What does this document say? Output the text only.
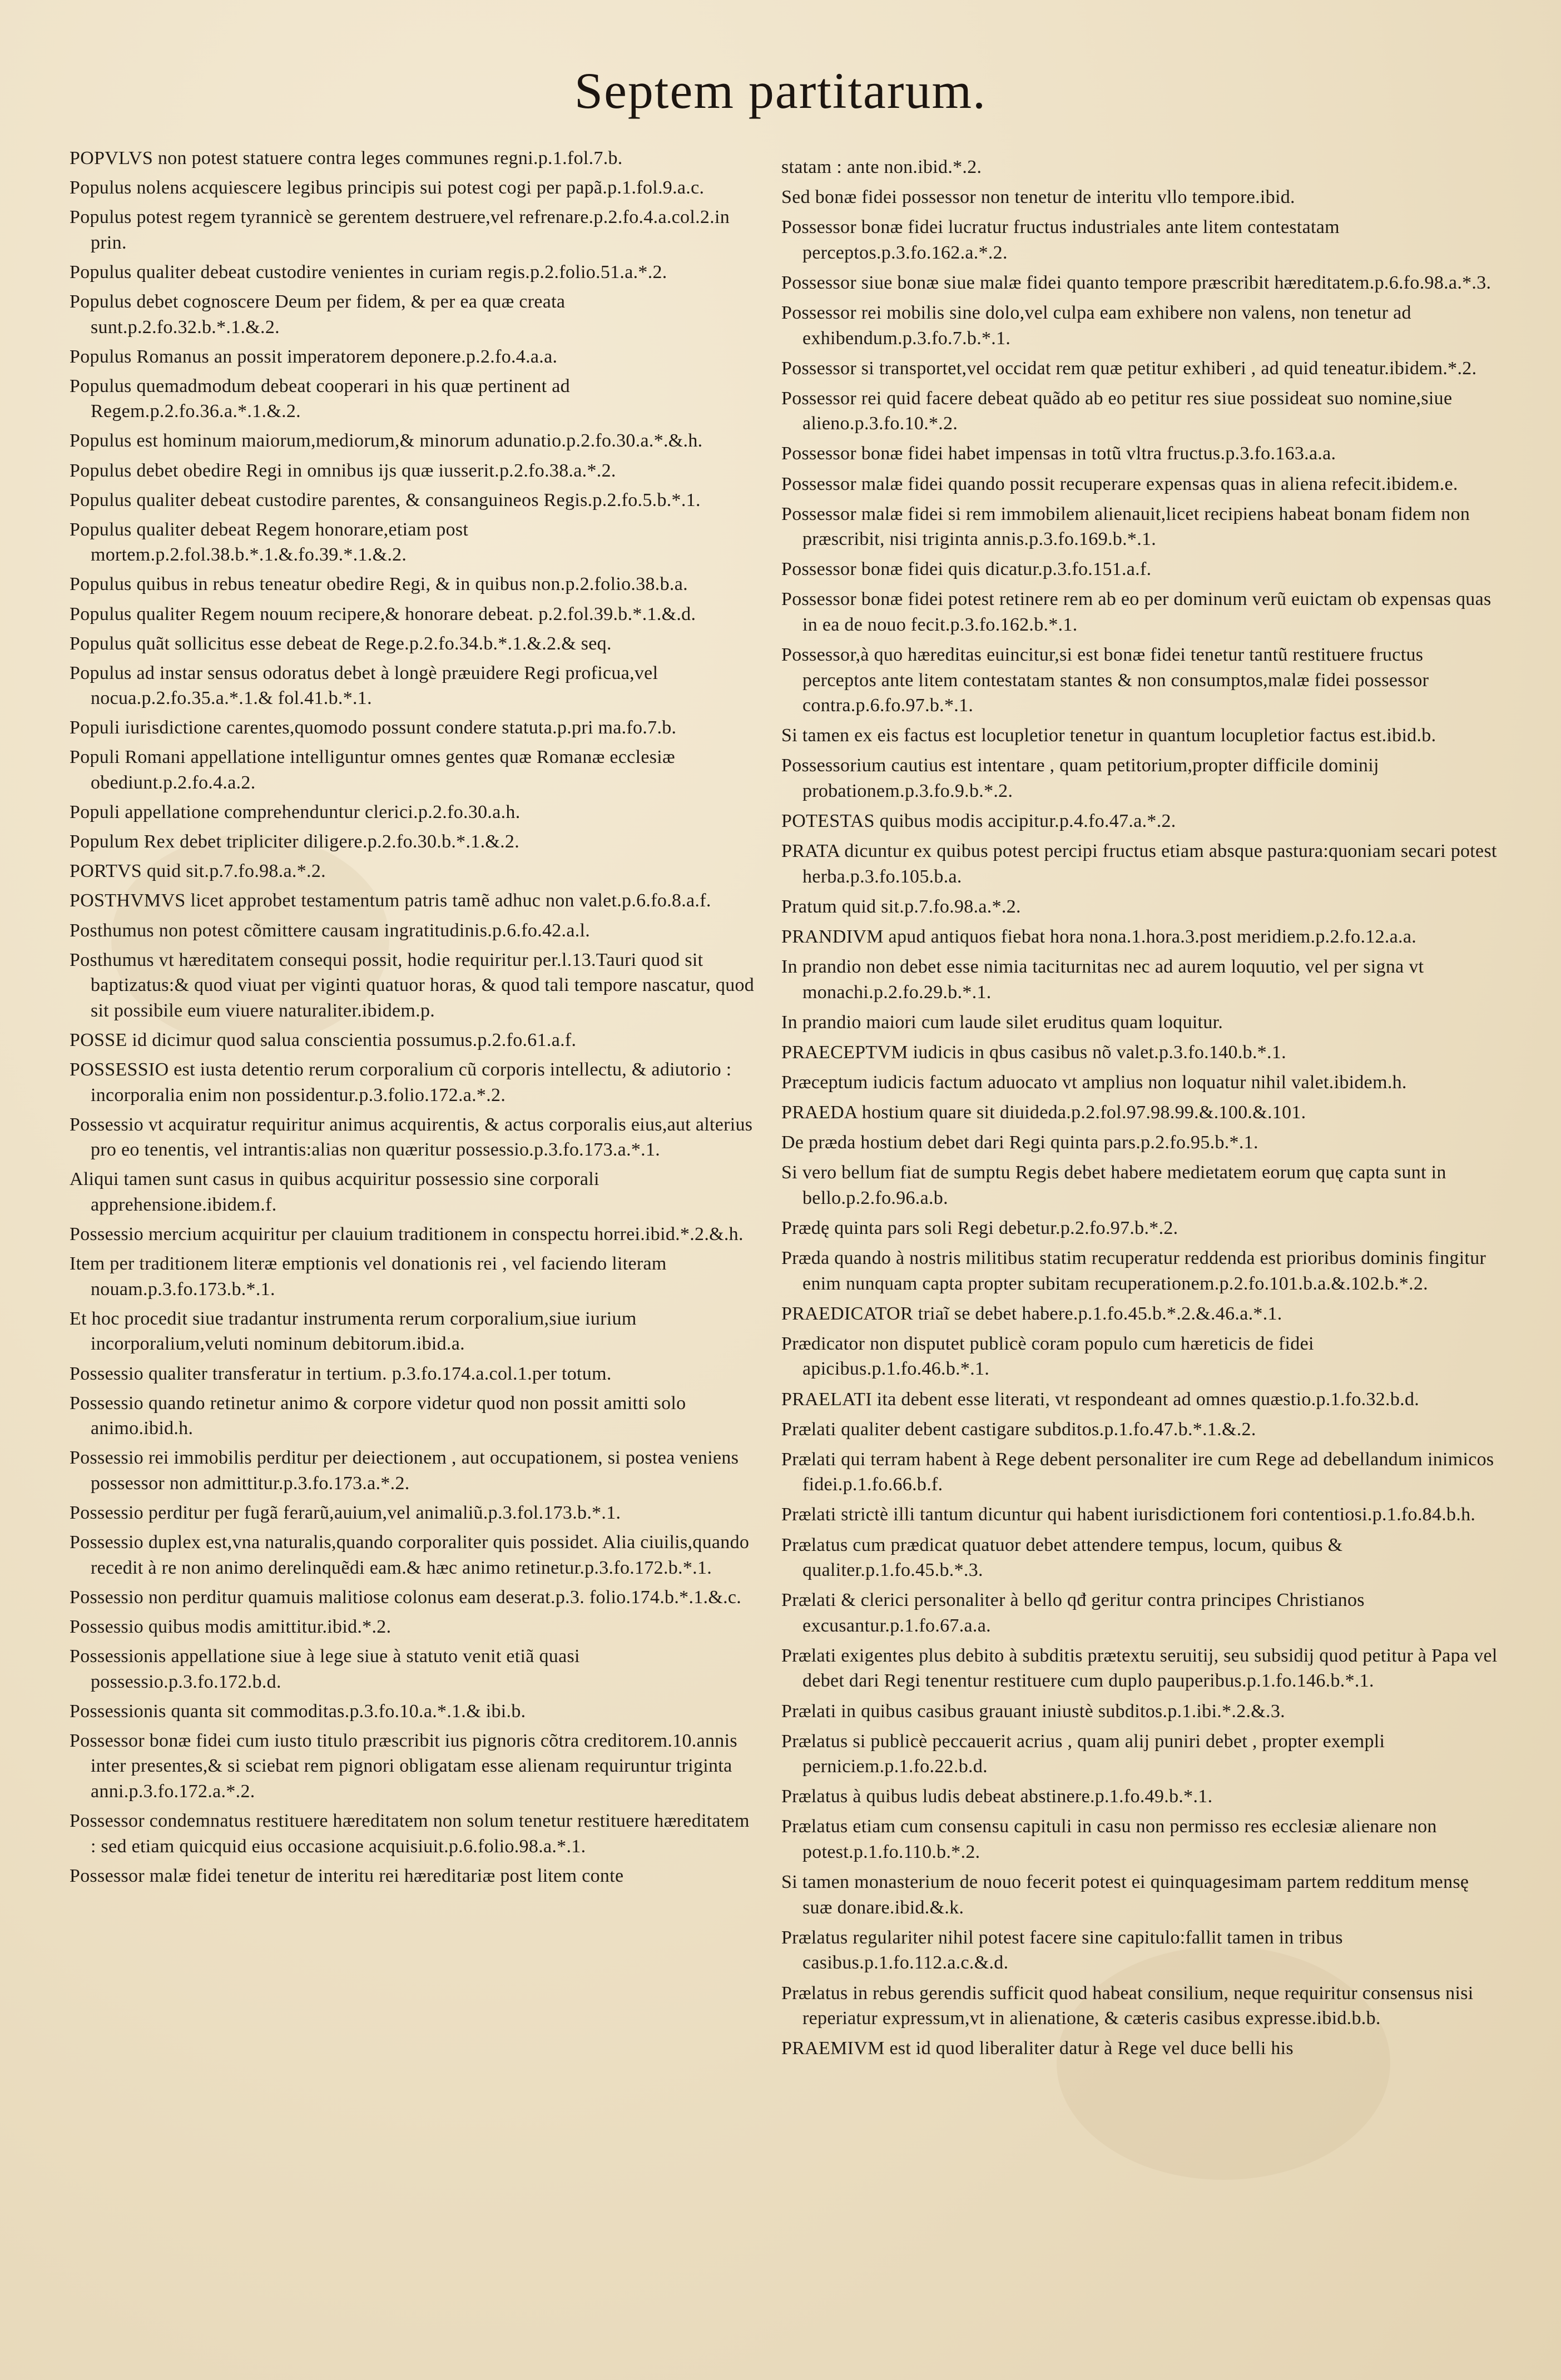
Septem partitarum.

POPVLVS non potest statuere contra leges communes regni.p.1.fol.7.b.

Populus nolens acquiescere legibus principis sui potest cogi per papã.p.1.fol.9.a.c.

Populus potest regem tyrannicè se gerentem destruere,vel refrenare.p.2.fo.4.a.col.2.in prin.

Populus qualiter debeat custodire venientes in curiam regis.p.2.folio.51.a.*.2.

Populus debet cognoscere Deum per fidem, & per ea quæ creata sunt.p.2.fo.32.b.*.1.&.2.

Populus Romanus an possit imperatorem deponere.p.2.fo.4.a.a.

Populus quemadmodum debeat cooperari in his quæ pertinent ad Regem.p.2.fo.36.a.*.1.&.2.

Populus est hominum maiorum,mediorum,& minorum adunatio.p.2.fo.30.a.*.&.h.

Populus debet obedire Regi in omnibus ijs quæ iusserit.p.2.fo.38.a.*.2.

Populus qualiter debeat custodire parentes, & consanguineos Regis.p.2.fo.5.b.*.1.

Populus qualiter debeat Regem honorare,etiam post mortem.p.2.fol.38.b.*.1.&.fo.39.*.1.&.2.

Populus quibus in rebus teneatur obedire Regi, & in quibus non.p.2.folio.38.b.a.

Populus qualiter Regem nouum recipere,& honorare debeat. p.2.fol.39.b.*.1.&.d.

Populus quãt sollicitus esse debeat de Rege.p.2.fo.34.b.*.1.&.2.& seq.

Populus ad instar sensus odoratus debet à longè præuidere Regi proficua,vel nocua.p.2.fo.35.a.*.1.& fol.41.b.*.1.

Populi iurisdictione carentes,quomodo possunt condere statuta.p.pri ma.fo.7.b.

Populi Romani appellatione intelliguntur omnes gentes quæ Romanæ ecclesiæ obediunt.p.2.fo.4.a.2.

Populi appellatione comprehenduntur clerici.p.2.fo.30.a.h.

Populum Rex debet tripliciter diligere.p.2.fo.30.b.*.1.&.2.

PORTVS quid sit.p.7.fo.98.a.*.2.

POSTHVMVS licet approbet testamentum patris tamẽ adhuc non valet.p.6.fo.8.a.f.

Posthumus non potest cõmittere causam ingratitudinis.p.6.fo.42.a.l.

Posthumus vt hæreditatem consequi possit, hodie requiritur per.l.13.Tauri quod sit baptizatus:& quod viuat per viginti quatuor horas, & quod tali tempore nascatur, quod sit possibile eum viuere naturaliter.ibidem.p.

POSSE id dicimur quod salua conscientia possumus.p.2.fo.61.a.f.

POSSESSIO est iusta detentio rerum corporalium cũ corporis intellectu, & adiutorio : incorporalia enim non possidentur.p.3.folio.172.a.*.2.

Possessio vt acquiratur requiritur animus acquirentis, & actus corporalis eius,aut alterius pro eo tenentis, vel intrantis:alias non quæritur possessio.p.3.fo.173.a.*.1.

Aliqui tamen sunt casus in quibus acquiritur possessio sine corporali apprehensione.ibidem.f.

Possessio mercium acquiritur per clauium traditionem in conspectu horrei.ibid.*.2.&.h.

Item per traditionem literæ emptionis vel donationis rei , vel faciendo literam nouam.p.3.fo.173.b.*.1.

Et hoc procedit siue tradantur instrumenta rerum corporalium,siue iurium incorporalium,veluti nominum debitorum.ibid.a.

Possessio qualiter transferatur in tertium. p.3.fo.174.a.col.1.per totum.

Possessio quando retinetur animo & corpore videtur quod non possit amitti solo animo.ibid.h.

Possessio rei immobilis perditur per deiectionem , aut occupationem, si postea veniens possessor non admittitur.p.3.fo.173.a.*.2.

Possessio perditur per fugã ferarũ,auium,vel animaliũ.p.3.fol.173.b.*.1.

Possessio duplex est,vna naturalis,quando corporaliter quis possidet. Alia ciuilis,quando recedit à re non animo derelinquẽdi eam.& hæc animo retinetur.p.3.fo.172.b.*.1.

Possessio non perditur quamuis malitiose colonus eam deserat.p.3. folio.174.b.*.1.&.c.

Possessio quibus modis amittitur.ibid.*.2.

Possessionis appellatione siue à lege siue à statuto venit etiã quasi possessio.p.3.fo.172.b.d.

Possessionis quanta sit commoditas.p.3.fo.10.a.*.1.& ibi.b.

Possessor bonæ fidei cum iusto titulo præscribit ius pignoris cõtra creditorem.10.annis inter presentes,& si sciebat rem pignori obligatam esse alienam requiruntur triginta anni.p.3.fo.172.a.*.2.

Possessor condemnatus restituere hæreditatem non solum tenetur restituere hæreditatem : sed etiam quicquid eius occasione acquisiuit.p.6.folio.98.a.*.1.

Possessor malæ fidei tenetur de interitu rei hæreditariæ post litem conte

statam : ante non.ibid.*.2.

Sed bonæ fidei possessor non tenetur de interitu vllo tempore.ibid.

Possessor bonæ fidei lucratur fructus industriales ante litem contestatam perceptos.p.3.fo.162.a.*.2.

Possessor siue bonæ siue malæ fidei quanto tempore præscribit hæreditatem.p.6.fo.98.a.*.3.

Possessor rei mobilis sine dolo,vel culpa eam exhibere non valens, non tenetur ad exhibendum.p.3.fo.7.b.*.1.

Possessor si transportet,vel occidat rem quæ petitur exhiberi , ad quid teneatur.ibidem.*.2.

Possessor rei quid facere debeat quãdo ab eo petitur res siue possideat suo nomine,siue alieno.p.3.fo.10.*.2.

Possessor bonæ fidei habet impensas in totũ vltra fructus.p.3.fo.163.a.a.

Possessor malæ fidei quando possit recuperare expensas quas in aliena refecit.ibidem.e.

Possessor malæ fidei si rem immobilem alienauit,licet recipiens habeat bonam fidem non præscribit, nisi triginta annis.p.3.fo.169.b.*.1.

Possessor bonæ fidei quis dicatur.p.3.fo.151.a.f.

Possessor bonæ fidei potest retinere rem ab eo per dominum verũ euictam ob expensas quas in ea de nouo fecit.p.3.fo.162.b.*.1.

Possessor,à quo hæreditas euincitur,si est bonæ fidei tenetur tantũ restituere fructus perceptos ante litem contestatam stantes & non consumptos,malæ fidei possessor contra.p.6.fo.97.b.*.1.

Si tamen ex eis factus est locupletior tenetur in quantum locupletior factus est.ibid.b.

Possessorium cautius est intentare , quam petitorium,propter difficile dominij probationem.p.3.fo.9.b.*.2.

POTESTAS quibus modis accipitur.p.4.fo.47.a.*.2.

PRATA dicuntur ex quibus potest percipi fructus etiam absque pastura:quoniam secari potest herba.p.3.fo.105.b.a.

Pratum quid sit.p.7.fo.98.a.*.2.

PRANDIVM apud antiquos fiebat hora nona.1.hora.3.post meridiem.p.2.fo.12.a.a.

In prandio non debet esse nimia taciturnitas nec ad aurem loquutio, vel per signa vt monachi.p.2.fo.29.b.*.1.

In prandio maiori cum laude silet eruditus quam loquitur.

PRAECEPTVM iudicis in qbus casibus nõ valet.p.3.fo.140.b.*.1.

Præceptum iudicis factum aduocato vt amplius non loquatur nihil valet.ibidem.h.

PRAEDA hostium quare sit diuideda.p.2.fol.97.98.99.&.100.&.101.

De præda hostium debet dari Regi quinta pars.p.2.fo.95.b.*.1.

Si vero bellum fiat de sumptu Regis debet habere medietatem eorum quę capta sunt in bello.p.2.fo.96.a.b.

Prædę quinta pars soli Regi debetur.p.2.fo.97.b.*.2.

Præda quando à nostris militibus statim recuperatur reddenda est prioribus dominis fingitur enim nunquam capta propter subitam recuperationem.p.2.fo.101.b.a.&.102.b.*.2.

PRAEDICATOR triaĩ se debet habere.p.1.fo.45.b.*.2.&.46.a.*.1.

Prædicator non disputet publicè coram populo cum hæreticis de fidei apicibus.p.1.fo.46.b.*.1.

PRAELATI ita debent esse literati, vt respondeant ad omnes quæstio.p.1.fo.32.b.d.

Prælati qualiter debent castigare subditos.p.1.fo.47.b.*.1.&.2.

Prælati qui terram habent à Rege debent personaliter ire cum Rege ad debellandum inimicos fidei.p.1.fo.66.b.f.

Prælati strictè illi tantum dicuntur qui habent iurisdictionem fori contentiosi.p.1.fo.84.b.h.

Prælatus cum prædicat quatuor debet attendere tempus, locum, quibus & qualiter.p.1.fo.45.b.*.3.

Prælati & clerici personaliter à bello qđ geritur contra principes Christianos excusantur.p.1.fo.67.a.a.

Prælati exigentes plus debito à subditis prætextu seruitij, seu subsidij quod petitur à Papa vel debet dari Regi tenentur restituere cum duplo pauperibus.p.1.fo.146.b.*.1.

Prælati in quibus casibus grauant iniustè subditos.p.1.ibi.*.2.&.3.

Prælatus si publicè peccauerit acrius , quam alij puniri debet , propter exempli perniciem.p.1.fo.22.b.d.

Prælatus à quibus ludis debeat abstinere.p.1.fo.49.b.*.1.

Prælatus etiam cum consensu capituli in casu non permisso res ecclesiæ alienare non potest.p.1.fo.110.b.*.2.

Si tamen monasterium de nouo fecerit potest ei quinquagesimam partem redditum mensę suæ donare.ibid.&.k.

Prælatus regulariter nihil potest facere sine capitulo:fallit tamen in tribus casibus.p.1.fo.112.a.c.&.d.

Prælatus in rebus gerendis sufficit quod habeat consilium, neque requiritur consensus nisi reperiatur expressum,vt in alienatione, & cæteris casibus expresse.ibid.b.b.

PRAEMIVM est id quod liberaliter datur à Rege vel duce belli his
